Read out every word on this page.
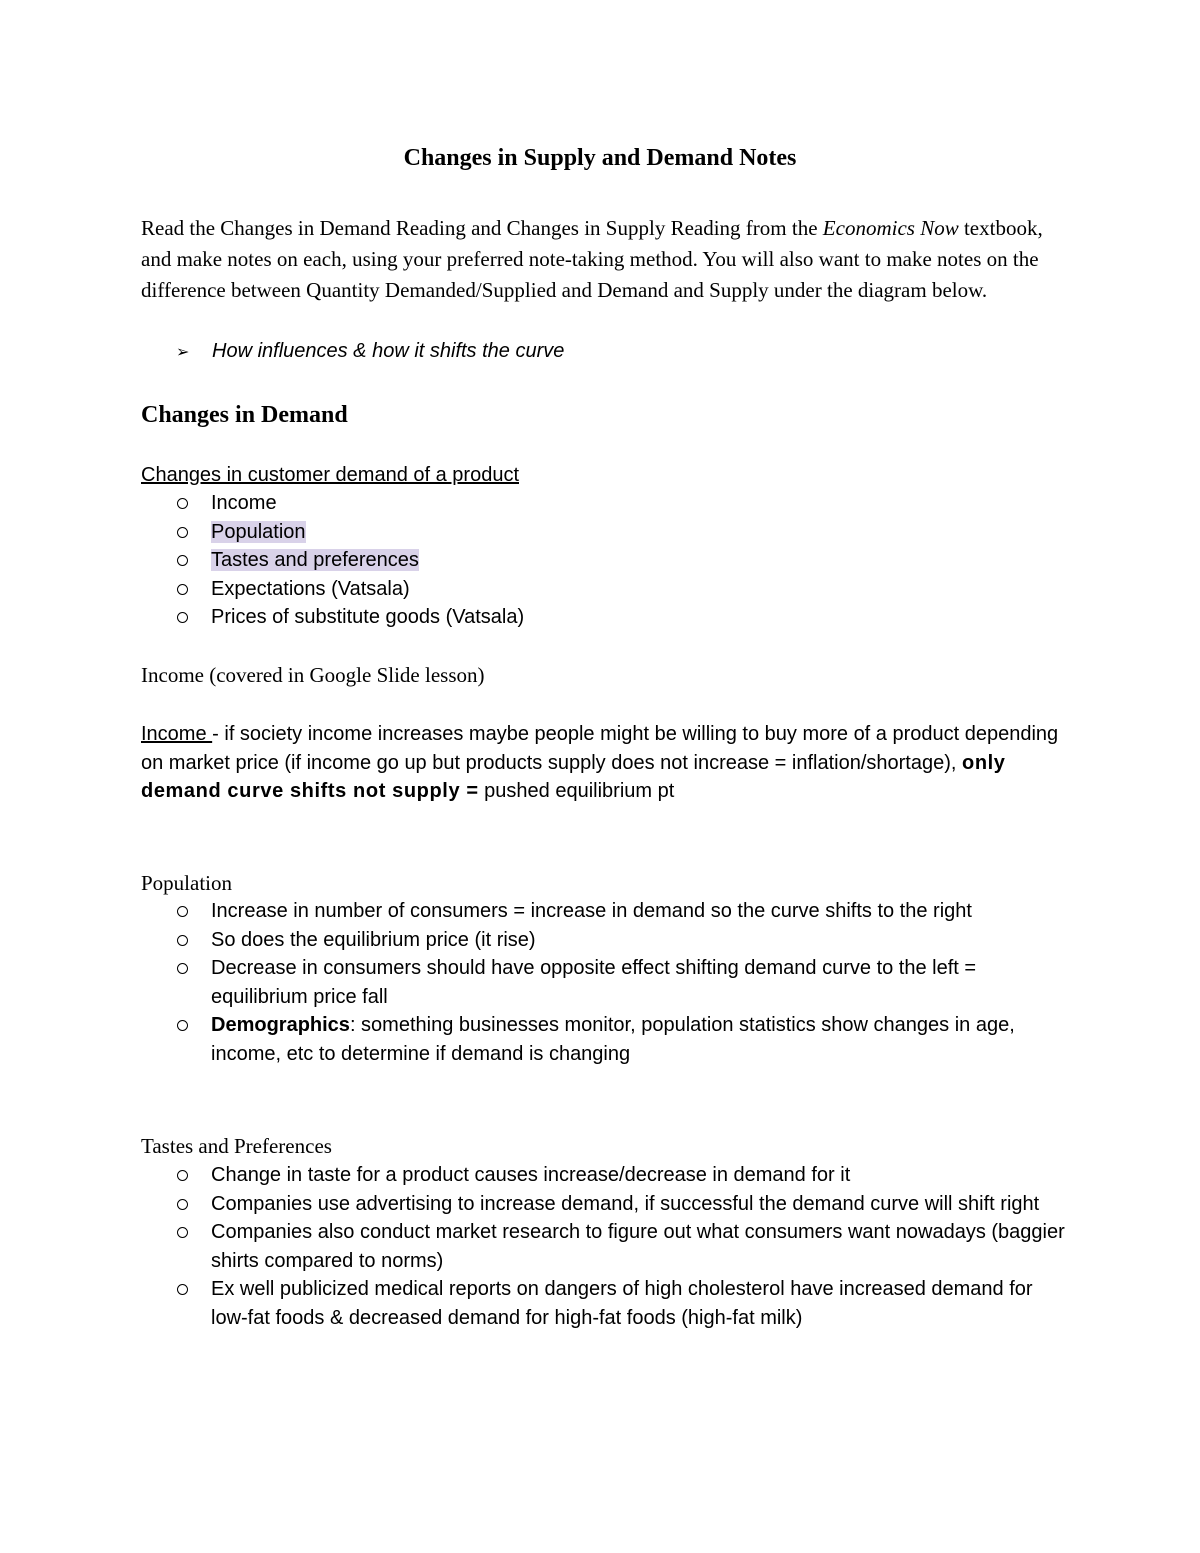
Changes in Supply and Demand Notes

Read the Changes in Demand Reading and Changes in Supply Reading from the Economics Now textbook, and make notes on each, using your preferred note-taking method. You will also want to make notes on the difference between Quantity Demanded/Supplied and Demand and Supply under the diagram below.

➢ How influences & how it shifts the curve

Changes in Demand

Changes in customer demand of a product

Income
Population
Tastes and preferences
Expectations (Vatsala)
Prices of substitute goods (Vatsala)

Income (covered in Google Slide lesson)

Income - if society income increases maybe people might be willing to buy more of a product depending on market price (if income go up but products supply does not increase = inflation/shortage), only demand curve shifts not supply = pushed equilibrium pt

Population

Increase in number of consumers = increase in demand so the curve shifts to the right
So does the equilibrium price (it rise)
Decrease in consumers should have opposite effect shifting demand curve to the left = equilibrium price fall
Demographics: something businesses monitor, population statistics show changes in age, income, etc to determine if demand is changing

Tastes and Preferences

Change in taste for a product causes increase/decrease in demand for it
Companies use advertising to increase demand, if successful the demand curve will shift right
Companies also conduct market research to figure out what consumers want nowadays (baggier shirts compared to norms)
Ex well publicized medical reports on dangers of high cholesterol have increased demand for low-fat foods & decreased demand for high-fat foods (high-fat milk)
